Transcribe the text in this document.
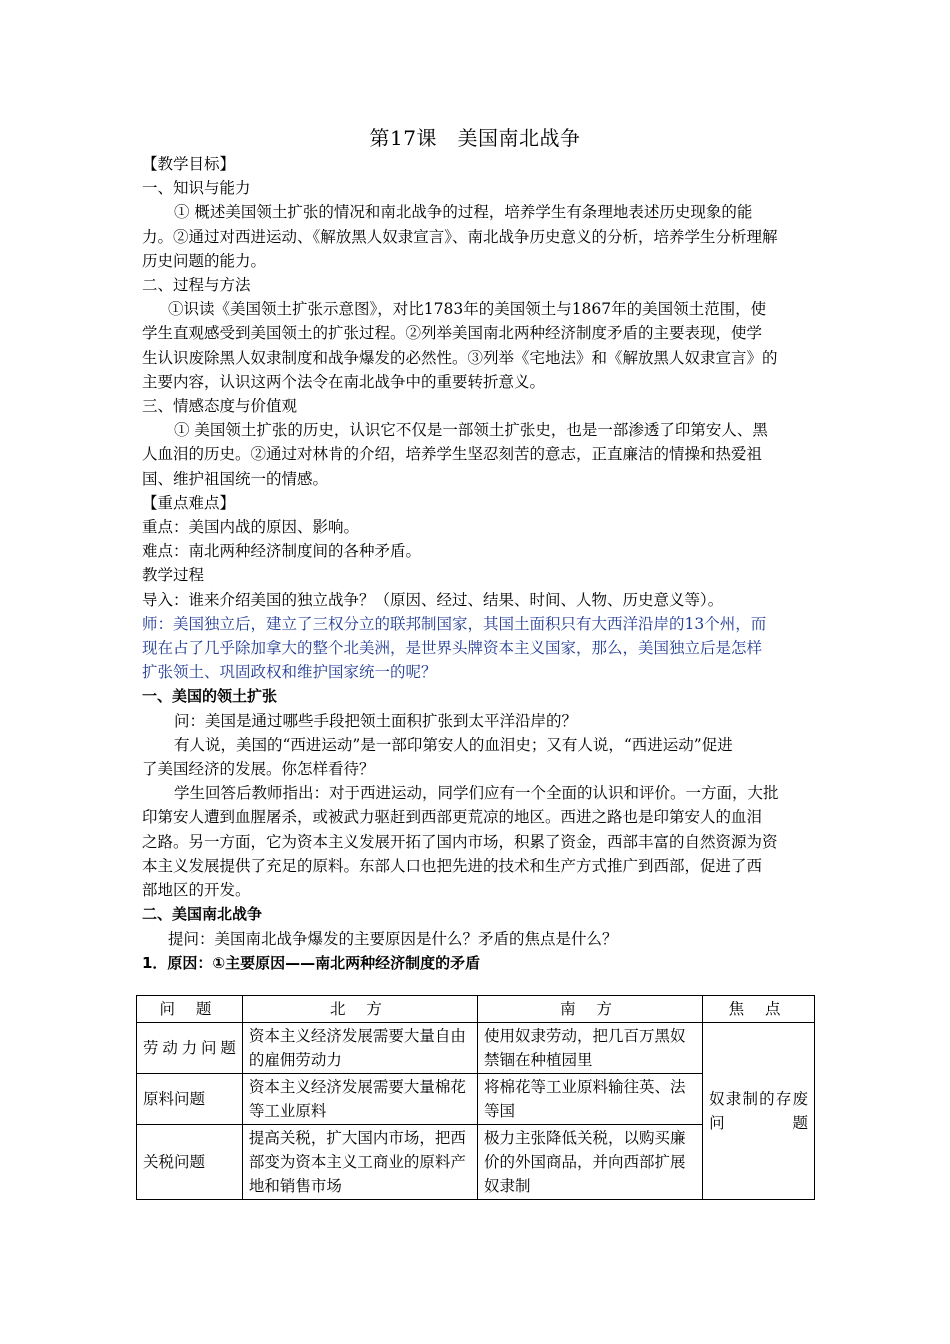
第17课　美国南北战争

【教学目标】

一、知识与能力

① 概述美国领土扩张的情况和南北战争的过程，培养学生有条理地表述历史现象的能

力。②通过对西进运动、《解放黑人奴隶宣言》、南北战争历史意义的分析，培养学生分析理解

历史问题的能力。

二、过程与方法

①识读《美国领土扩张示意图》，对比1783年的美国领土与1867年的美国领土范围，使

学生直观感受到美国领土的扩张过程。②列举美国南北两种经济制度矛盾的主要表现，使学

生认识废除黑人奴隶制度和战争爆发的必然性。③列举《宅地法》和《解放黑人奴隶宣言》的

主要内容，认识这两个法令在南北战争中的重要转折意义。

三、情感态度与价值观

① 美国领土扩张的历史，认识它不仅是一部领土扩张史，也是一部渗透了印第安人、黑

人血泪的历史。②通过对林肯的介绍，培养学生坚忍刻苦的意志，正直廉洁的情操和热爱祖

国、维护祖国统一的情感。

【重点难点】

重点：美国内战的原因、影响。

难点：南北两种经济制度间的各种矛盾。

教学过程

导入：谁来介绍美国的独立战争？（原因、经过、结果、时间、人物、历史意义等）。

师：美国独立后，建立了三权分立的联邦制国家，其国土面积只有大西洋沿岸的13个州，而

现在占了几乎除加拿大的整个北美洲，是世界头牌资本主义国家，那么，美国独立后是怎样

扩张领土、巩固政权和维护国家统一的呢？

一、美国的领土扩张

问：美国是通过哪些手段把领土面积扩张到太平洋沿岸的？

有人说，美国的“西进运动”是一部印第安人的血泪史；又有人说，“西进运动”促进

了美国经济的发展。你怎样看待？

学生回答后教师指出：对于西进运动，同学们应有一个全面的认识和评价。一方面，大批

印第安人遭到血腥屠杀，或被武力驱赶到西部更荒凉的地区。西进之路也是印第安人的血泪

之路。另一方面，它为资本主义发展开拓了国内市场，积累了资金，西部丰富的自然资源为资

本主义发展提供了充足的原料。东部人口也把先进的技术和生产方式推广到西部，促进了西

部地区的开发。

二、美国南北战争

提问：美国南北战争爆发的主要原因是什么？矛盾的焦点是什么？

1．原因：①主要原因——南北两种经济制度的矛盾

问 题	北 方	南 方	焦 点
劳动力问题	资本主义经济发展需要大量自由的雇佣劳动力	使用奴隶劳动，把几百万黑奴禁锢在种植园里	奴隶制的存废问题
原料问题	资本主义经济发展需要大量棉花等工业原料	将棉花等工业原料输往英、法等国	
关税问题	提高关税，扩大国内市场，把西部变为资本主义工商业的原料产地和销售市场	极力主张降低关税，以购买廉价的外国商品，并向西部扩展奴隶制	
